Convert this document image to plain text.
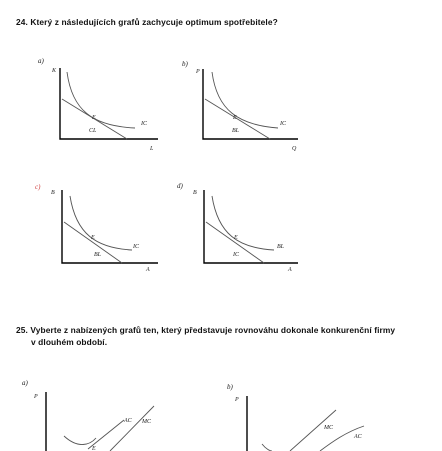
24. Který z následujících grafů zachycuje optimum spotřebitele?
a)
K
E
CL
IC
L
b)
P
E
BL
IC
Q
c)
B
E
BL
IC
A
d)
B
E
IC
BL
A
a)
P
E
AC MC
b)
P
MC
AC
25. Vyberte z nabízených grafů ten, který představuje rovnováhu dokonale konkurenční firmy
v dlouhém období.
